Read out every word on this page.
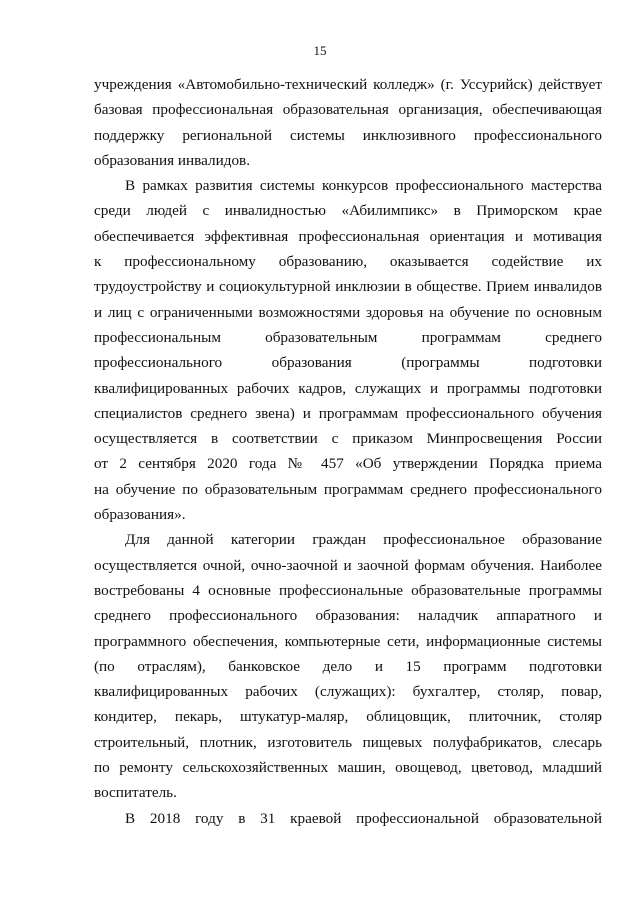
15
учреждения «Автомобильно-технический колледж» (г. Уссурийск) действует
базовая профессиональная образовательная организация, обеспечивающая
поддержку региональной системы инклюзивного профессионального
образования инвалидов.
В рамках развития системы конкурсов профессионального мастерства
среди людей с инвалидностью «Абилимпикс» в Приморском крае
обеспечивается эффективная профессиональная ориентация и мотивация
к профессиональному образованию, оказывается содействие их
трудоустройству и социокультурной инклюзии в обществе. Прием инвалидов
и лиц с ограниченными возможностями здоровья на обучение по основным
профессиональным образовательным программам среднего
профессионального образования (программы подготовки
квалифицированных рабочих кадров, служащих и программы подготовки
специалистов среднего звена) и программам профессионального обучения
осуществляется в соответствии с приказом Минпросвещения России
от 2 сентября 2020 года № 457 «Об утверждении Порядка приема
на обучение по образовательным программам среднего профессионального
образования».
Для данной категории граждан профессиональное образование
осуществляется очной, очно-заочной и заочной формам обучения. Наиболее
востребованы 4 основные профессиональные образовательные программы
среднего профессионального образования: наладчик аппаратного и
программного обеспечения, компьютерные сети, информационные системы
(по отраслям), банковское дело и 15 программ подготовки
квалифицированных рабочих (служащих): бухгалтер, столяр, повар,
кондитер, пекарь, штукатур-маляр, облицовщик, плиточник, столяр
строительный, плотник, изготовитель пищевых полуфабрикатов, слесарь
по ремонту сельскохозяйственных машин, овощевод, цветовод, младший
воспитатель.
В 2018 году в 31 краевой профессиональной образовательной
